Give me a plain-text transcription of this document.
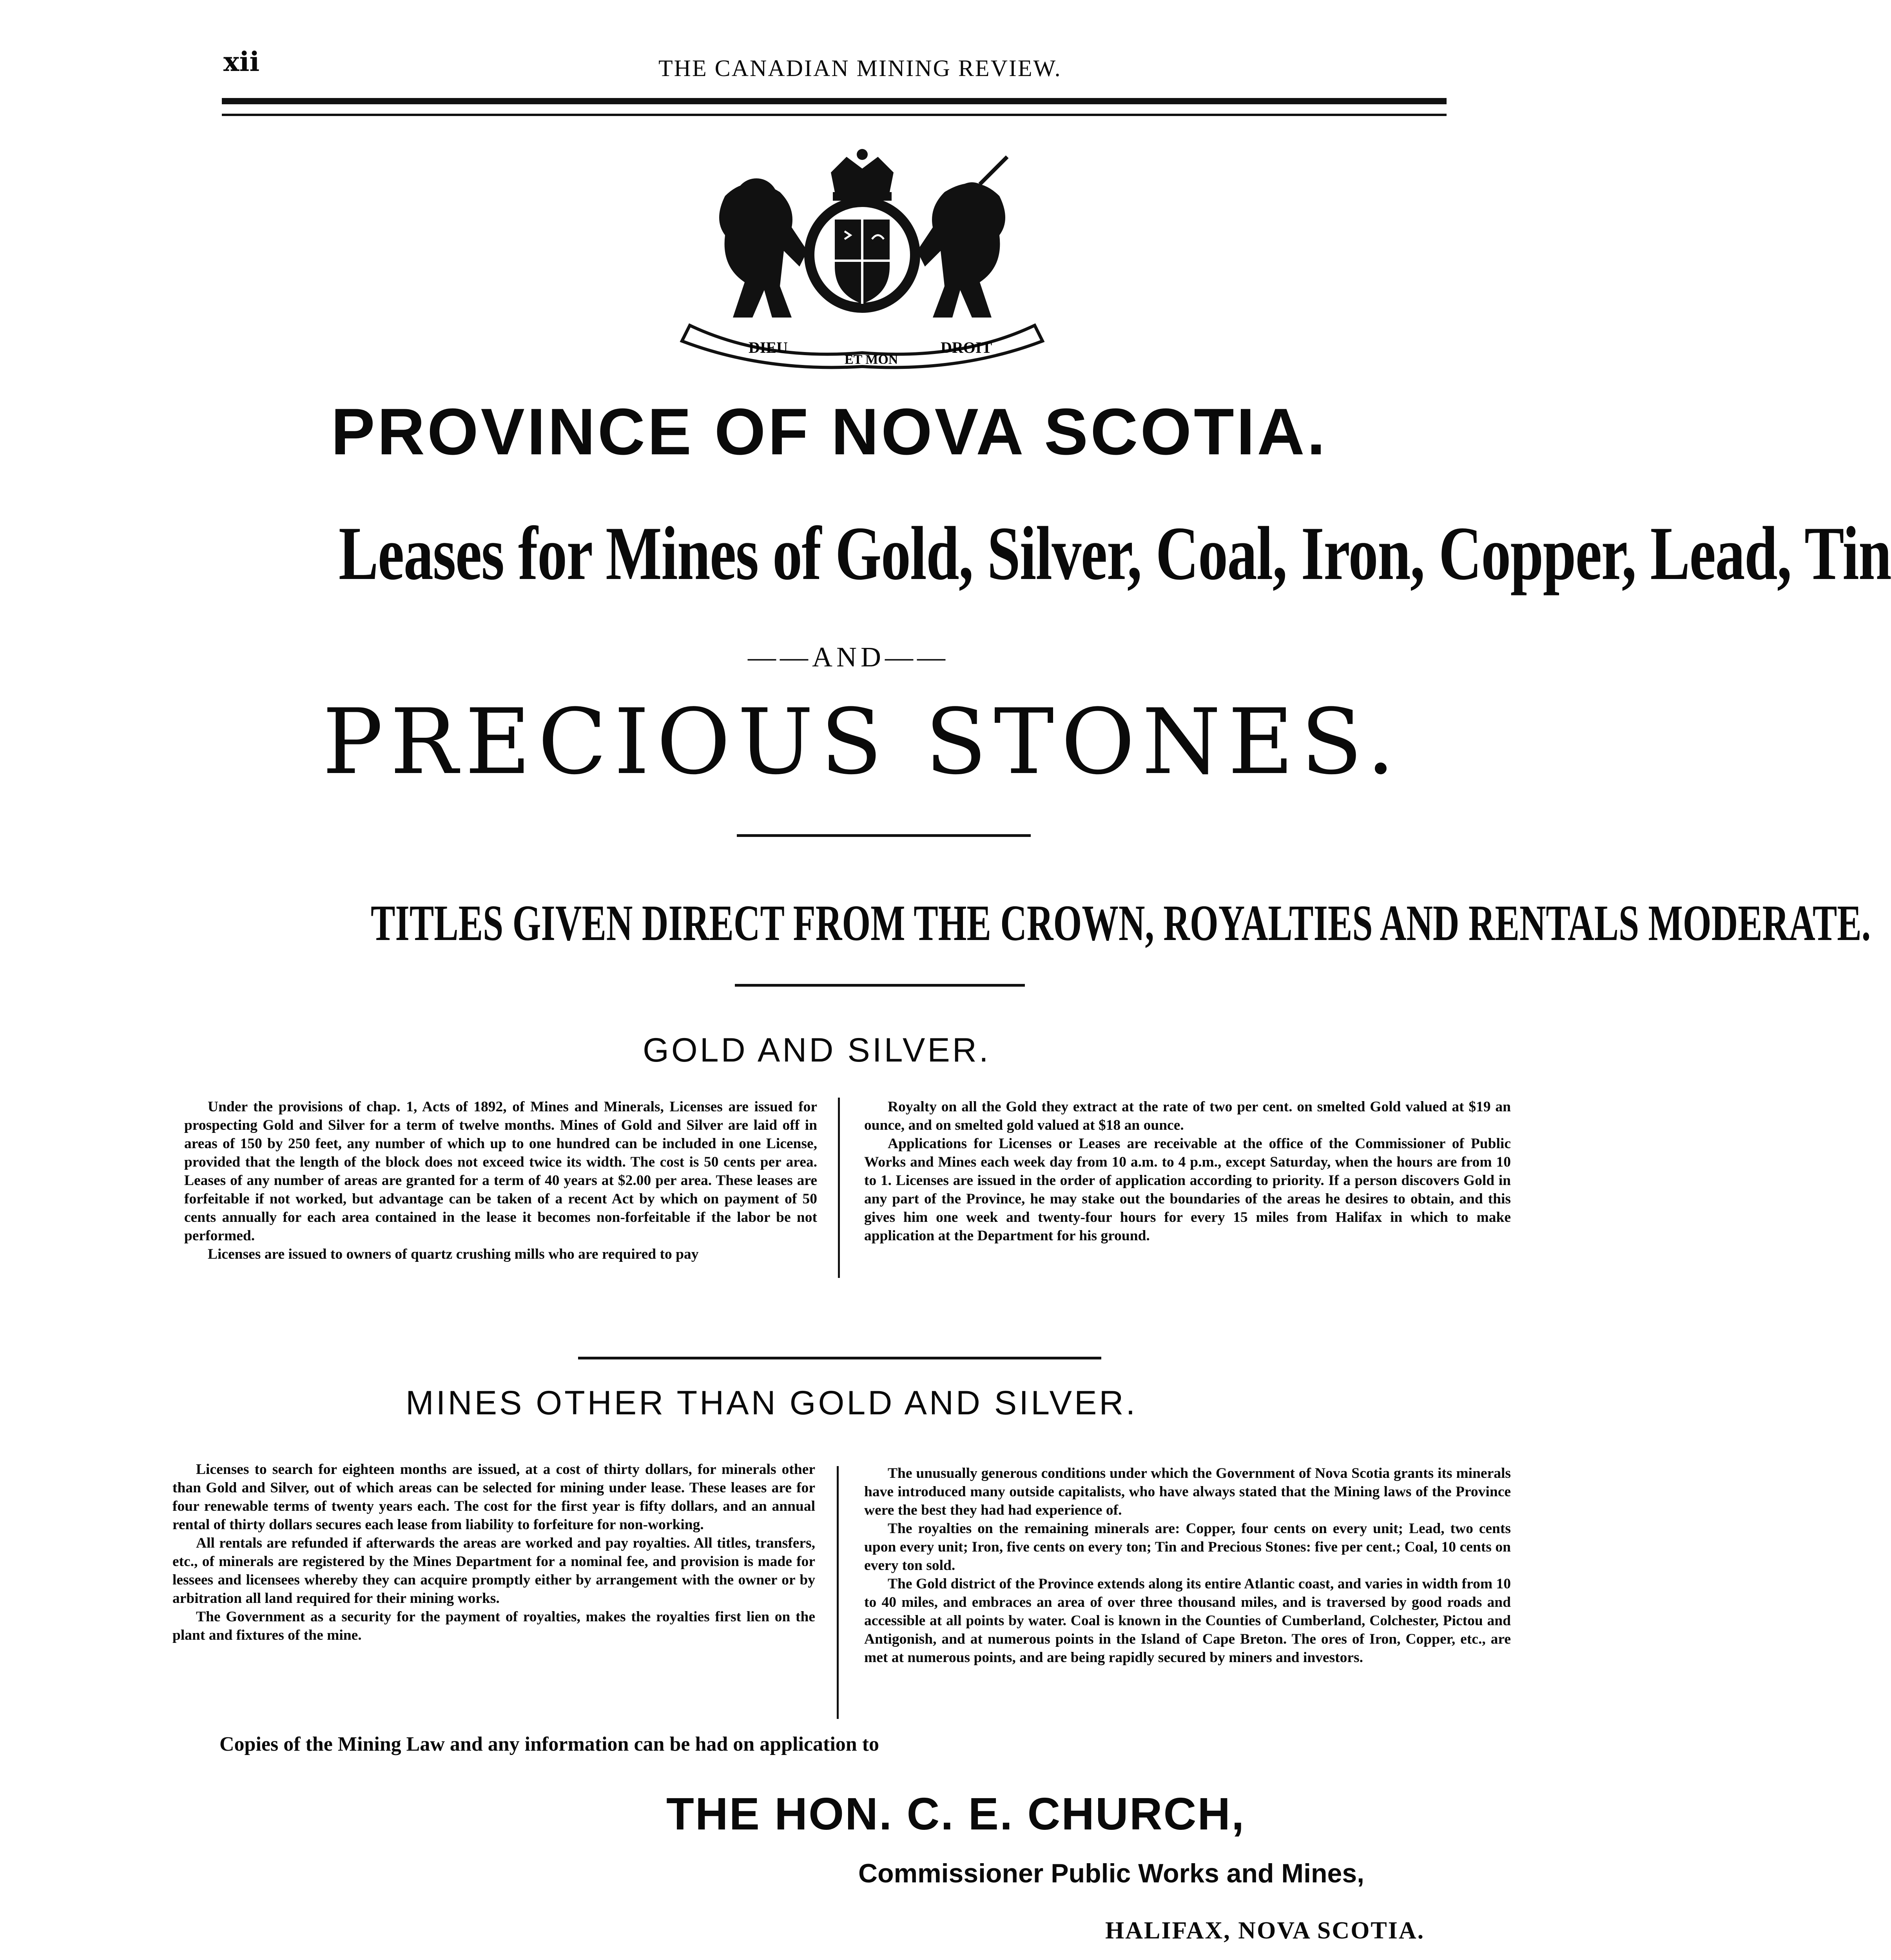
xii	THE CANADIAN MINING REVIEW.
DIEU
ET MON
DROIT
PROVINCE OF NOVA SCOTIA.
Leases for Mines of Gold, Silver, Coal, Iron, Copper, Lead, Tin
——AND——
PRECIOUS STONES.
TITLES GIVEN DIRECT FROM THE CROWN, ROYALTIES AND RENTALS MODERATE.
GOLD AND SILVER.

Under the provisions of chap. 1, Acts of 1892, of Mines and Minerals, Licenses are issued for prospecting Gold and Silver for a term of twelve months. Mines of Gold and Silver are laid off in areas of 150 by 250 feet, any number of which up to one hundred can be included in one License, provided that the length of the block does not exceed twice its width. The cost is 50 cents per area. Leases of any number of areas are granted for a term of 40 years at $2.00 per area. These leases are forfeitable if not worked, but advantage can be taken of a recent Act by which on payment of 50 cents annually for each area contained in the lease it becomes non-forfeitable if the labor be not performed.

Licenses are issued to owners of quartz crushing mills who are required to pay

Royalty on all the Gold they extract at the rate of two per cent. on smelted Gold valued at $19 an ounce, and on smelted gold valued at $18 an ounce.

Applications for Licenses or Leases are receivable at the office of the Commissioner of Public Works and Mines each week day from 10 a.m. to 4 p.m., except Saturday, when the hours are from 10 to 1. Licenses are issued in the order of application according to priority. If a person discovers Gold in any part of the Province, he may stake out the boundaries of the areas he desires to obtain, and this gives him one week and twenty-four hours for every 15 miles from Halifax in which to make application at the Department for his ground.

MINES OTHER THAN GOLD AND SILVER.

Licenses to search for eighteen months are issued, at a cost of thirty dollars, for minerals other than Gold and Silver, out of which areas can be selected for mining under lease. These leases are for four renewable terms of twenty years each. The cost for the first year is fifty dollars, and an annual rental of thirty dollars secures each lease from liability to forfeiture for non-working.

All rentals are refunded if afterwards the areas are worked and pay royalties. All titles, transfers, etc., of minerals are registered by the Mines Department for a nominal fee, and provision is made for lessees and licensees whereby they can acquire promptly either by arrangement with the owner or by arbitration all land required for their mining works.

The Government as a security for the payment of royalties, makes the royalties first lien on the plant and fixtures of the mine.

The unusually generous conditions under which the Government of Nova Scotia grants its minerals have introduced many outside capitalists, who have always stated that the Mining laws of the Province were the best they had had experience of.

The royalties on the remaining minerals are: Copper, four cents on every unit; Lead, two cents upon every unit; Iron, five cents on every ton; Tin and Precious Stones: five per cent.; Coal, 10 cents on every ton sold.

The Gold district of the Province extends along its entire Atlantic coast, and varies in width from 10 to 40 miles, and embraces an area of over three thousand miles, and is traversed by good roads and accessible at all points by water. Coal is known in the Counties of Cumberland, Colchester, Pictou and Antigonish, and at numerous points in the Island of Cape Breton. The ores of Iron, Copper, etc., are met at numerous points, and are being rapidly secured by miners and investors.

Copies of the Mining Law and any information can be had on application to
THE HON. C. E. CHURCH,
Commissioner Public Works and Mines,
HALIFAX, NOVA SCOTIA.
